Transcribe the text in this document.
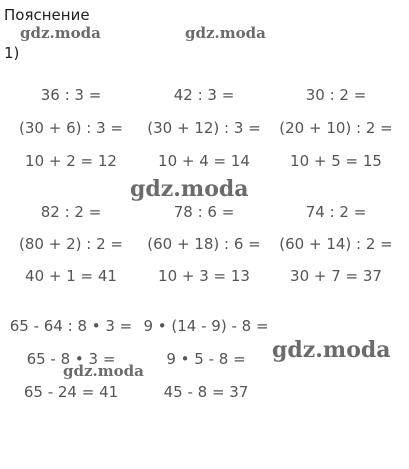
Пояснение
1)
gdz.moda	gdz.moda
gdz.moda
gdz.moda
gdz.moda
36 : 3 =
(30 + 6) : 3 =
10 + 2 = 12
42 : 3 =
(30 + 12) : 3 =
10 + 4 = 14
30 : 2 =
(20 + 10) : 2 =
10 + 5 = 15
82 : 2 =
(80 + 2) : 2 =
40 + 1 = 41
78 : 6 =
(60 + 18) : 6 =
10 + 3 = 13
74 : 2 =
(60 + 14) : 2 =
30 + 7 = 37
65 - 64 : 8 • 3 =
65 - 8 • 3 =
65 - 24 = 41
9 • (14 - 9) - 8 =
9 • 5 - 8 =
45 - 8 = 37
